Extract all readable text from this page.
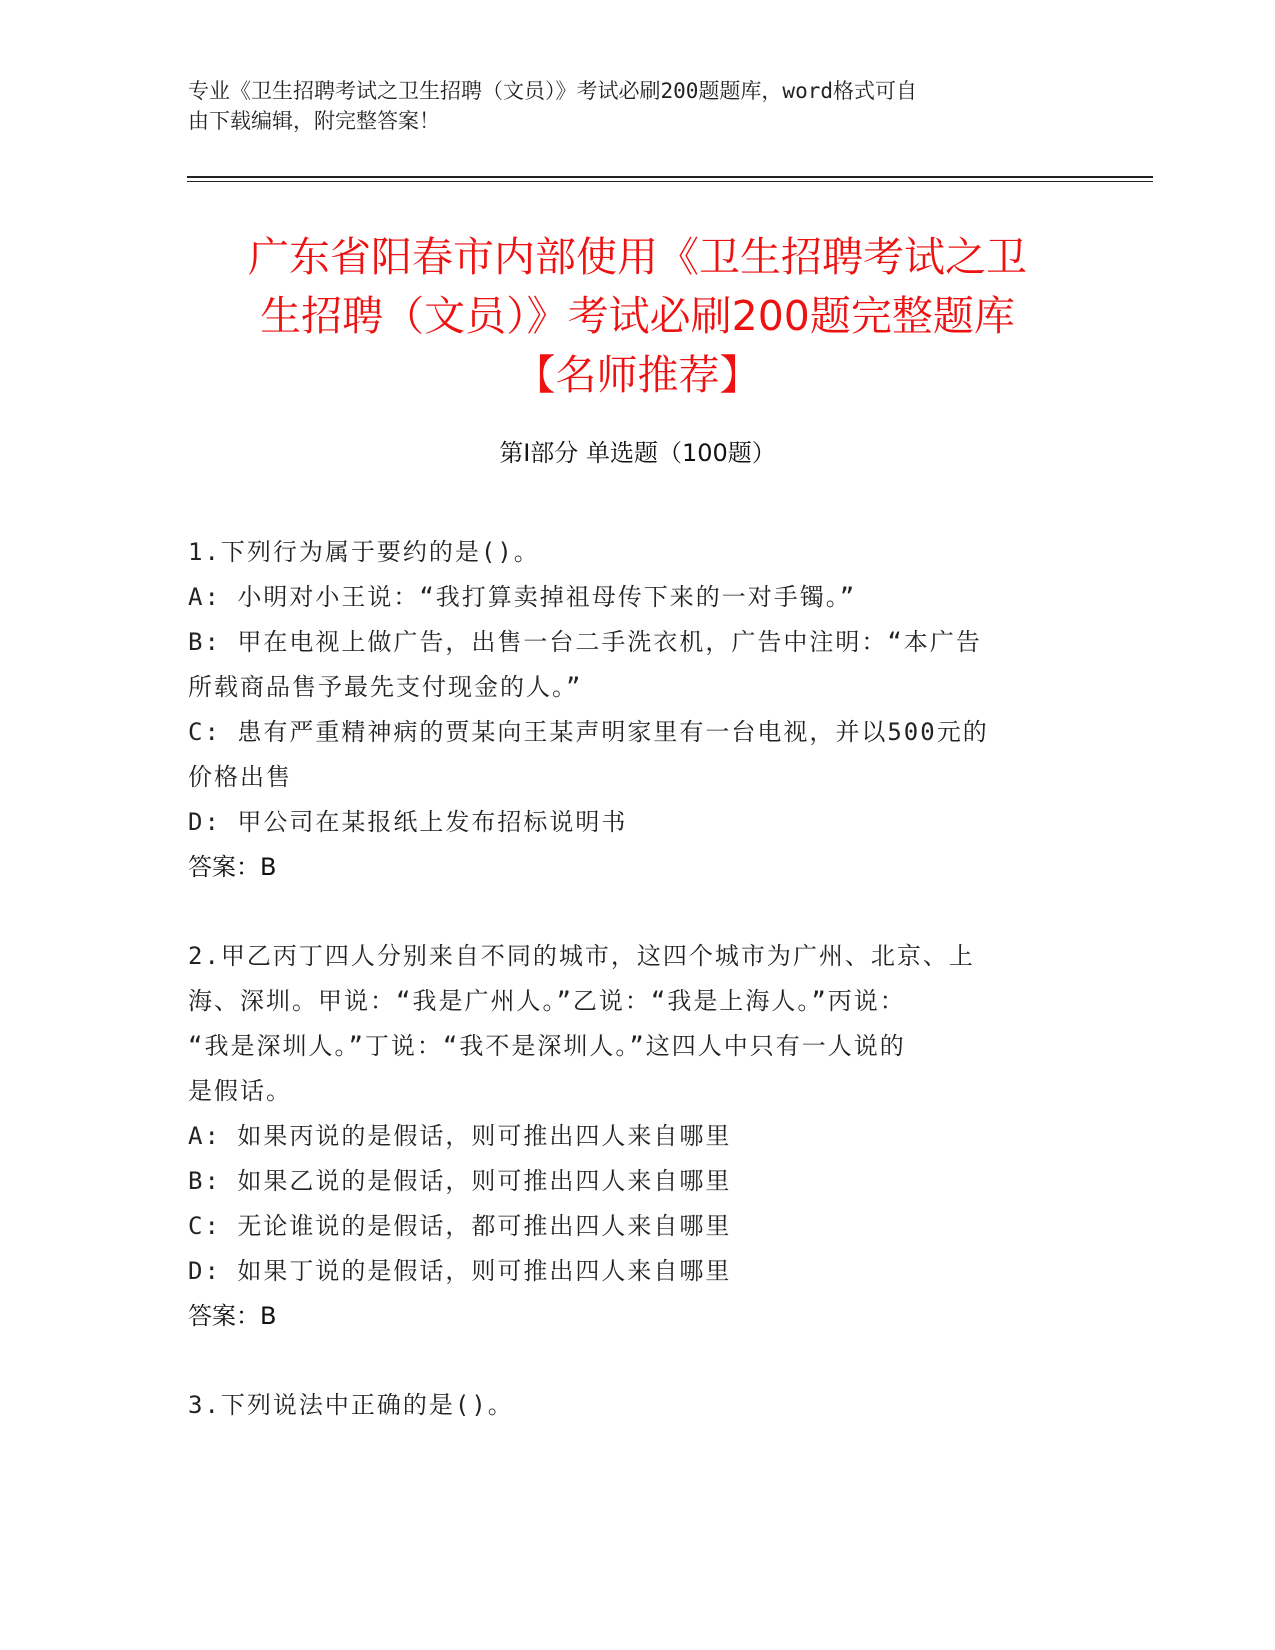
专业《卫生招聘考试之卫生招聘（文员）》考试必刷200题题库，word格式可自
由下载编辑，附完整答案！
广东省阳春市内部使用《卫生招聘考试之卫
生招聘（文员）》考试必刷200题完整题库
【名师推荐】
第I部分 单选题（100题）
1.下列行为属于要约的是()。
A: 小明对小王说：“我打算卖掉祖母传下来的一对手镯。”
B: 甲在电视上做广告，出售一台二手洗衣机，广告中注明：“本广告
所载商品售予最先支付现金的人。”
C: 患有严重精神病的贾某向王某声明家里有一台电视，并以500元的
价格出售
D: 甲公司在某报纸上发布招标说明书
答案：B
2.甲乙丙丁四人分别来自不同的城市，这四个城市为广州、北京、上
海、深圳。甲说：“我是广州人。”乙说：“我是上海人。”丙说：
“我是深圳人。”丁说：“我不是深圳人。”这四人中只有一人说的
是假话。
A: 如果丙说的是假话，则可推出四人来自哪里
B: 如果乙说的是假话，则可推出四人来自哪里
C: 无论谁说的是假话，都可推出四人来自哪里
D: 如果丁说的是假话，则可推出四人来自哪里
答案：B
3.下列说法中正确的是()。
